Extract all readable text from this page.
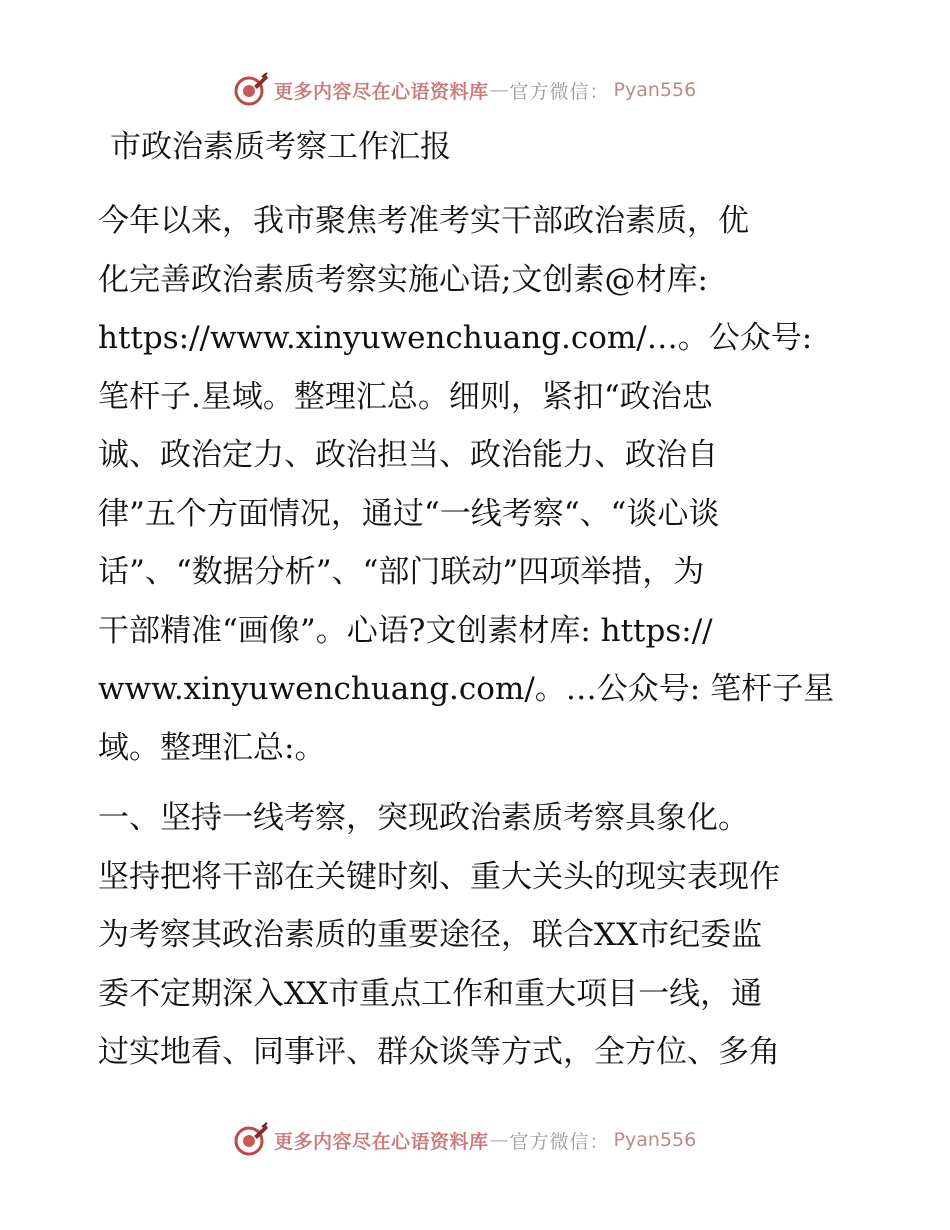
更多内容尽在心语资料库 — 官方微信： Pyan556
市政治素质考察工作汇报
今年以来，我市聚焦考准考实干部政治素质，优
化完善政治素质考察实施心语;文创素@材库:
https://www.xinyuwenchuang.com/…。公众号:
笔杆子.星域。整理汇总。细则，紧扣“政治忠
诚、政治定力、政治担当、政治能力、政治自
律”五个方面情况，通过“一线考察“、“谈心谈
话”、“数据分析”、“部门联动”四项举措，为
干部精准“画像”。心语?文创素材库: https://
www.xinyuwenchuang.com/。…公众号: 笔杆子星
域。整理汇总:。
一、坚持一线考察，突现政治素质考察具象化。
坚持把将干部在关键时刻、重大关头的现实表现作
为考察其政治素质的重要途径，联合XX市纪委监
委不定期深入XX市重点工作和重大项目一线，通
过实地看、同事评、群众谈等方式，全方位、多角
更多内容尽在心语资料库 — 官方微信： Pyan556
